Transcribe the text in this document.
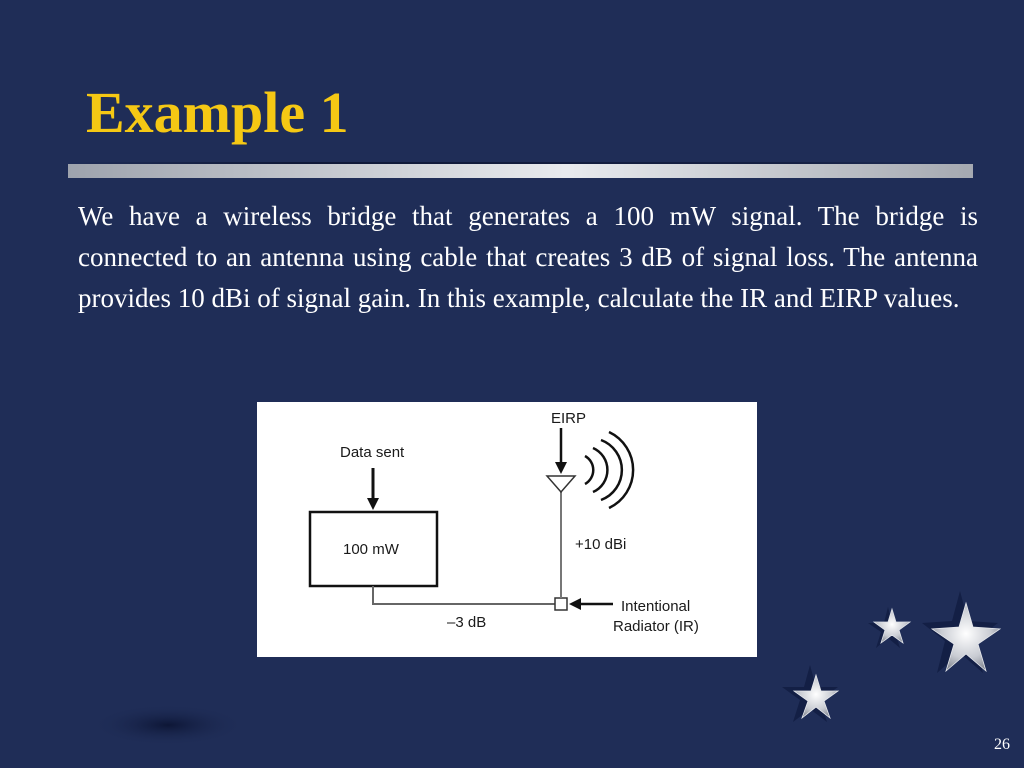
Example 1
We have a wireless bridge that generates a 100 mW signal. The bridge is connected to an antenna using cable that creates 3 dB of signal loss. The antenna provides 10 dBi of signal gain. In this example, calculate the IR and EIRP values.
Data sent
100 mW
EIRP
+10 dBi
–3 dB
Intentional
Radiator (IR)
26
